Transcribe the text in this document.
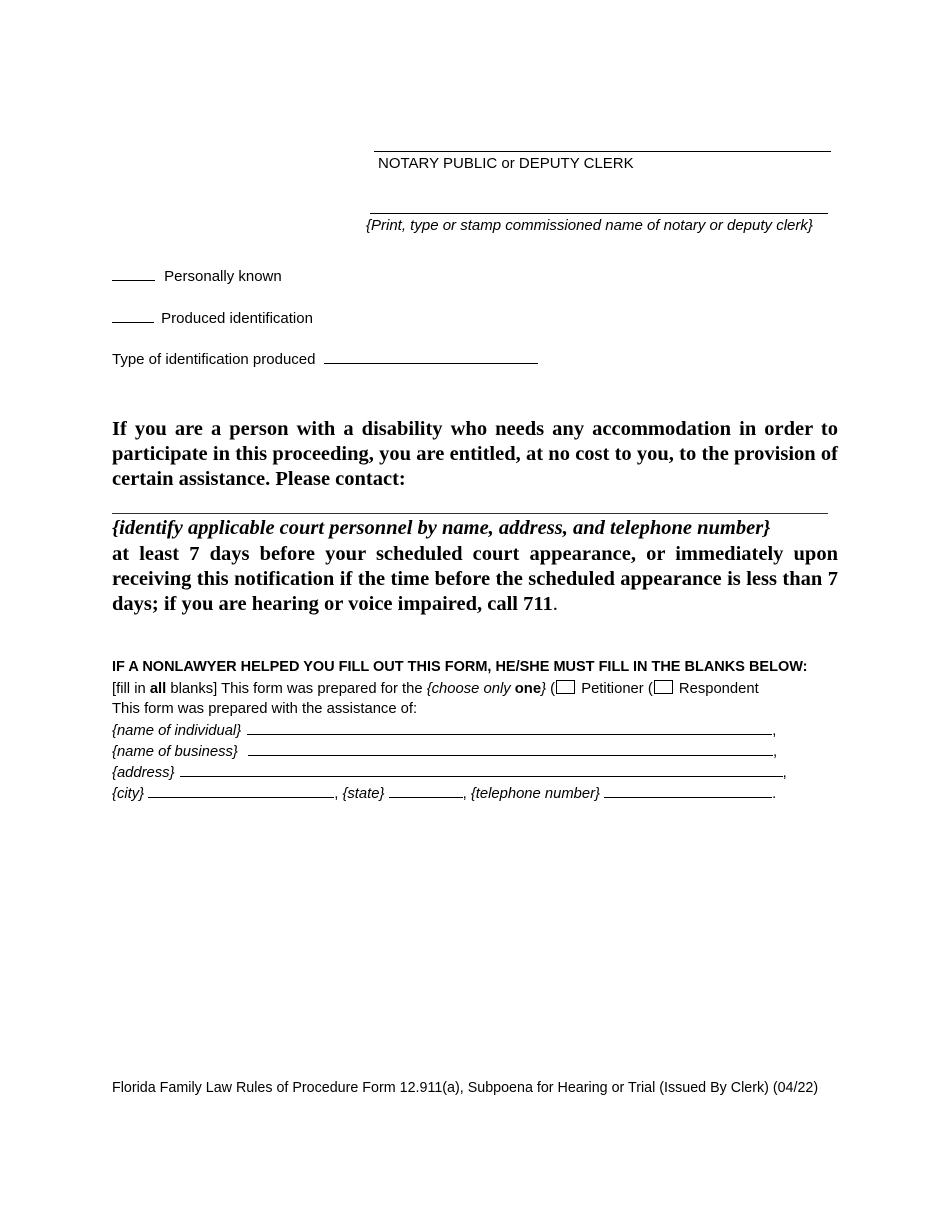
NOTARY PUBLIC or DEPUTY CLERK
{Print, type or stamp commissioned name of notary or deputy clerk}
Personally known
Produced identification
Type of identification produced
If you are a person with a disability who needs any accommodation in order to participate in this proceeding, you are entitled, at no cost to you, to the provision of certain assistance. Please contact:
{identify applicable court personnel by name, address, and telephone number}
at least 7 days before your scheduled court appearance, or immediately upon receiving this notification if the time before the scheduled appearance is less than 7 days; if you are hearing or voice impaired, call 711.
IF A NONLAWYER HELPED YOU FILL OUT THIS FORM, HE/SHE MUST FILL IN THE BLANKS BELOW:
[fill in all blanks] This form was prepared for the {choose only one} ( Petitioner ( Respondent
This form was prepared with the assistance of:
{name of individual}	,
{name of business}	,
{address}	,
{city}	, {state}	, {telephone number}	.
Florida Family Law Rules of Procedure Form 12.911(a), Subpoena for Hearing or Trial (Issued By Clerk) (04/22)
